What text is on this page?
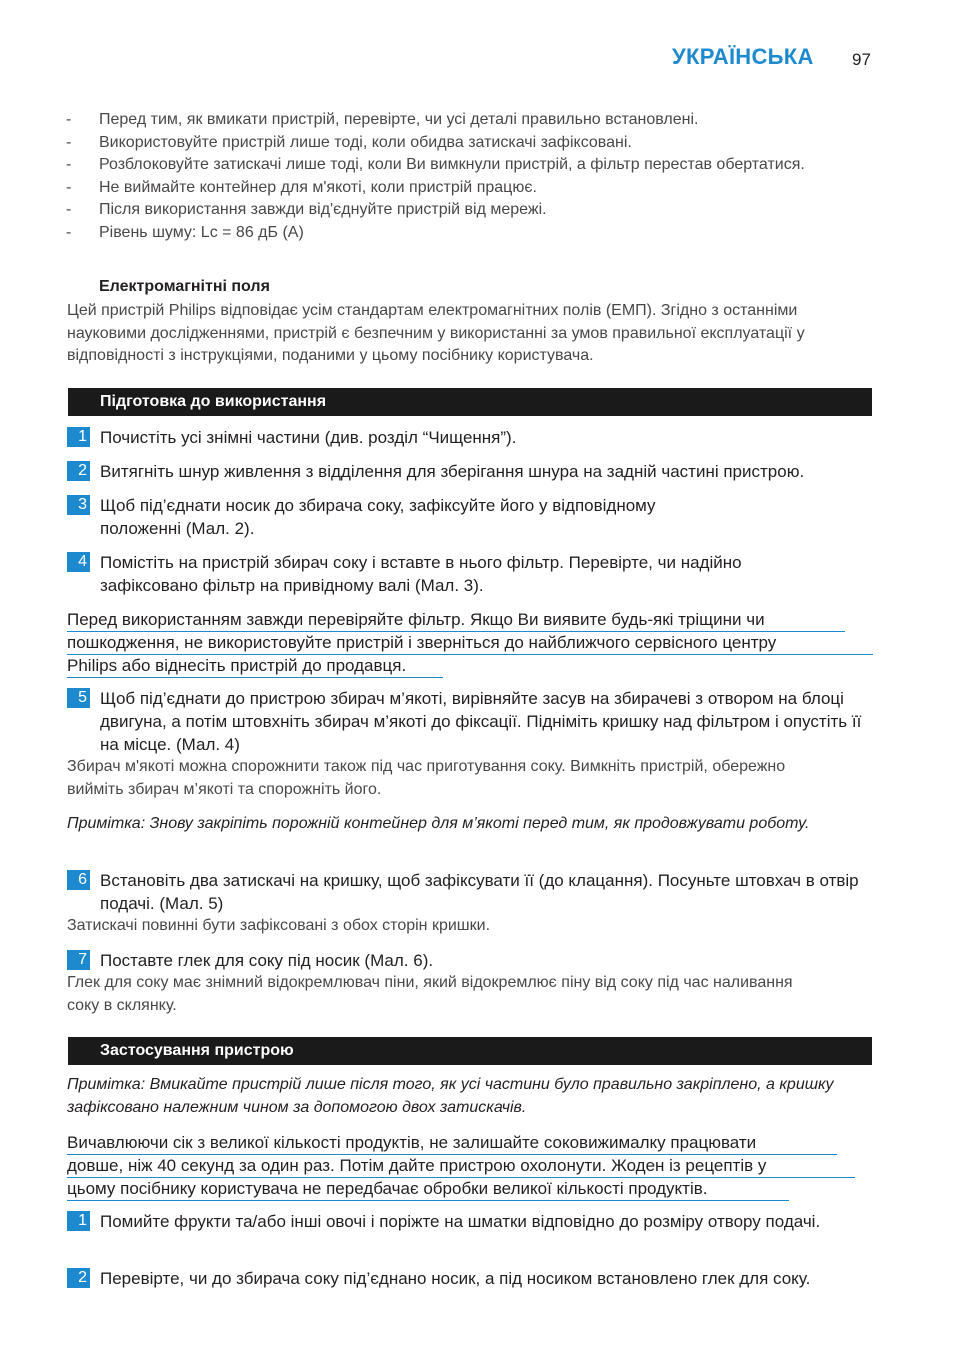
УКРАЇНСЬКА	97
- Перед тим, як вмикати пристрій, перевірте, чи усі деталі правильно встановлені.
- Використовуйте пристрій лише тоді, коли обидва затискачі зафіксовані.
- Розблоковуйте затискачі лише тоді, коли Ви вимкнули пристрій, а фільтр перестав обертатися.
- Не виймайте контейнер для м'якоті, коли пристрій працює.
- Після використання завжди від'єднуйте пристрій від мережі.
- Рівень шуму: Lc = 86 дБ (A)
Електромагнітні поля
Цей пристрій Philips відповідає усім стандартам електромагнітних полів (ЕМП). Згідно з останніми науковими дослідженнями, пристрій є безпечним у використанні за умов правильної експлуатації у відповідності з інструкціями, поданими у цьому посібнику користувача.
Підготовка до використання
1 Почистіть усі знімні частини (див. розділ “Чищення”).
2 Витягніть шнур живлення з відділення для зберігання шнура на задній частині пристрою.
3 Щоб під’єднати носик до збирача соку, зафіксуйте його у відповідному положенні (Мал. 2).
4 Помістіть на пристрій збирач соку і вставте в нього фільтр. Перевірте, чи надійно зафіксовано фільтр на привідному валі (Мал. 3).
Перед використанням завжди перевіряйте фільтр. Якщо Ви виявите будь-які тріщини чи
пошкодження, не використовуйте пристрій і зверніться до найближчого сервісного центру
Philips або віднесіть пристрій до продавця.
5 Щоб під’єднати до пристрою збирач м’якоті, вирівняйте засув на збирачеві з отвором на блоці двигуна, а потім штовхніть збирач м’якоті до фіксації. Підніміть кришку над фільтром і опустіть її на місце. (Мал. 4)
Збирач м'якоті можна спорожнити також під час приготування соку. Вимкніть пристрій, обережно вийміть збирач м’якоті та спорожніть його.
Примітка: Знову закріпіть порожній контейнер для м’якоті перед тим, як продовжувати роботу.
6 Встановіть два затискачі на кришку, щоб зафіксувати її (до клацання). Посуньте штовхач в отвір подачі. (Мал. 5)
Затискачі повинні бути зафіксовані з обох сторін кришки.
7 Поставте глек для соку під носик (Мал. 6).
Глек для соку має знімний відокремлювач піни, який відокремлює піну від соку під час наливання соку в склянку.
Застосування пристрою
Примітка: Вмикайте пристрій лише після того, як усі частини було правильно закріплено, а кришку зафіксовано належним чином за допомогою двох затискачів.
Вичавлюючи сік з великої кількості продуктів, не залишайте соковижималку працювати
довше, ніж 40 секунд за один раз. Потім дайте пристрою охолонути. Жоден із рецептів у
цьому посібнику користувача не передбачає обробки великої кількості продуктів.
1 Помийте фрукти та/або інші овочі і поріжте на шматки відповідно до розміру отвору подачі.
2 Перевірте, чи до збирача соку під’єднано носик, а під носиком встановлено глек для соку.
